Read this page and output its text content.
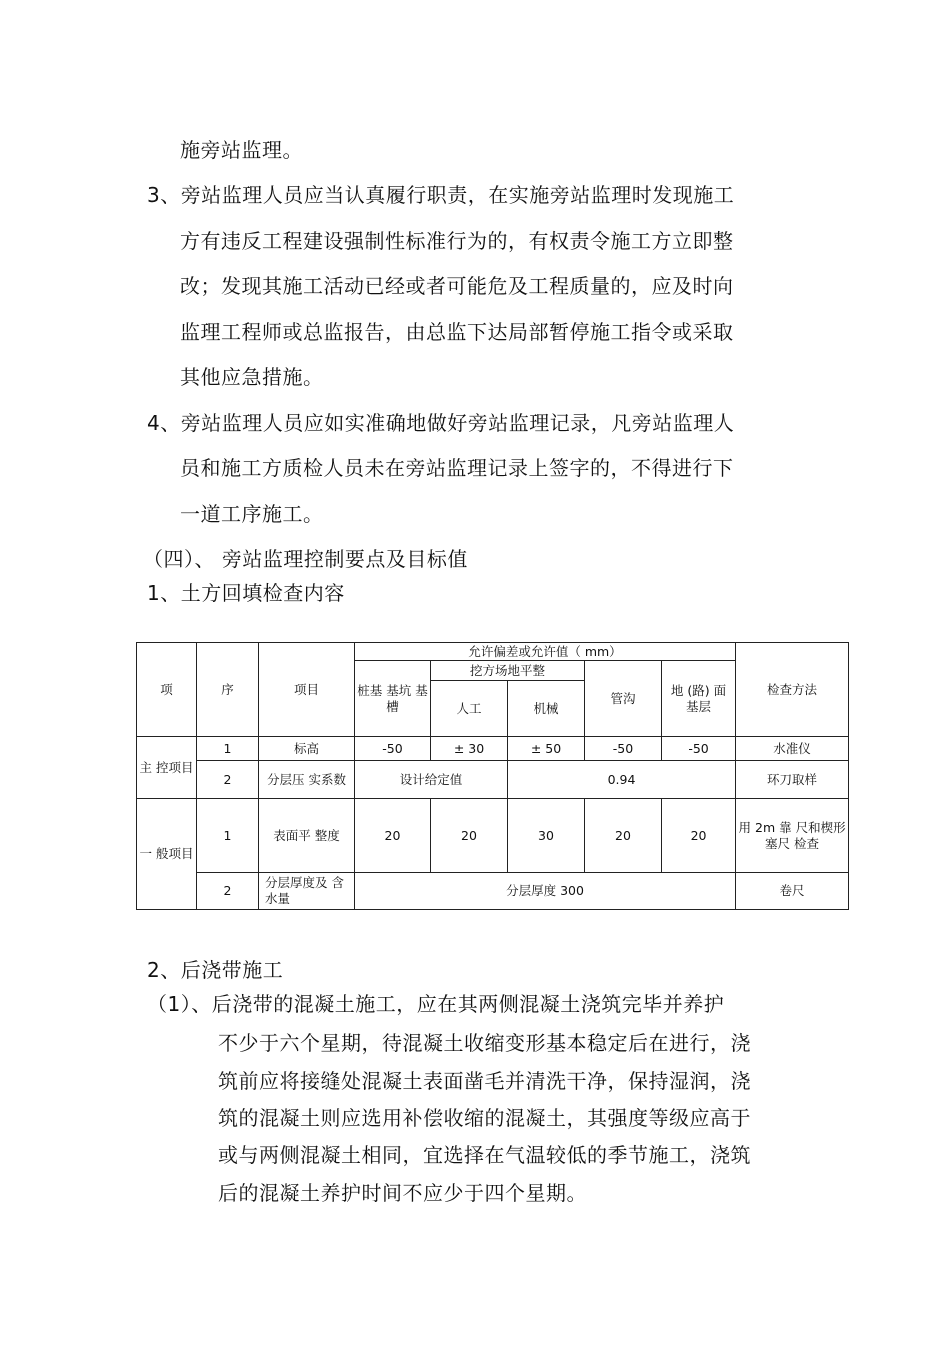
施旁站监理。
3、旁站监理人员应当认真履行职责，在实施旁站监理时发现施工
方有违反工程建设强制性标准行为的，有权责令施工方立即整
改；发现其施工活动已经或者可能危及工程质量的，应及时向
监理工程师或总监报告，由总监下达局部暂停施工指令或采取
其他应急措施。
4、旁站监理人员应如实准确地做好旁站监理记录，凡旁站监理人
员和施工方质检人员未在旁站监理记录上签字的，不得进行下
一道工序施工。
（四）、 旁站监理控制要点及目标值
1、土方回填检查内容
项	序	项目	允许偏差或允许值（ mm）					检查方法
			桩基 基坑 基槽	挖方场地平整		管沟	地 (路) 面 基层	
				人工	机械			
主 控项目	1	标高	-50	± 30	± 50	-50	-50	水准仪
	2	分层压 实系数	设计给定值		0.94			环刀取样
一 般项目	1	表面平 整度	20	20	30	20	20	用 2m 靠 尺和楔形塞尺 检查
	2	分层厚度及 含水量	分层厚度 300					卷尺
2、后浇带施工
（1）、后浇带的混凝土施工，应在其两侧混凝土浇筑完毕并养护
不少于六个星期，待混凝土收缩变形基本稳定后在进行，浇
筑前应将接缝处混凝土表面凿毛并清洗干净，保持湿润，浇
筑的混凝土则应选用补偿收缩的混凝土，其强度等级应高于
或与两侧混凝土相同，宜选择在气温较低的季节施工，浇筑
后的混凝土养护时间不应少于四个星期。
